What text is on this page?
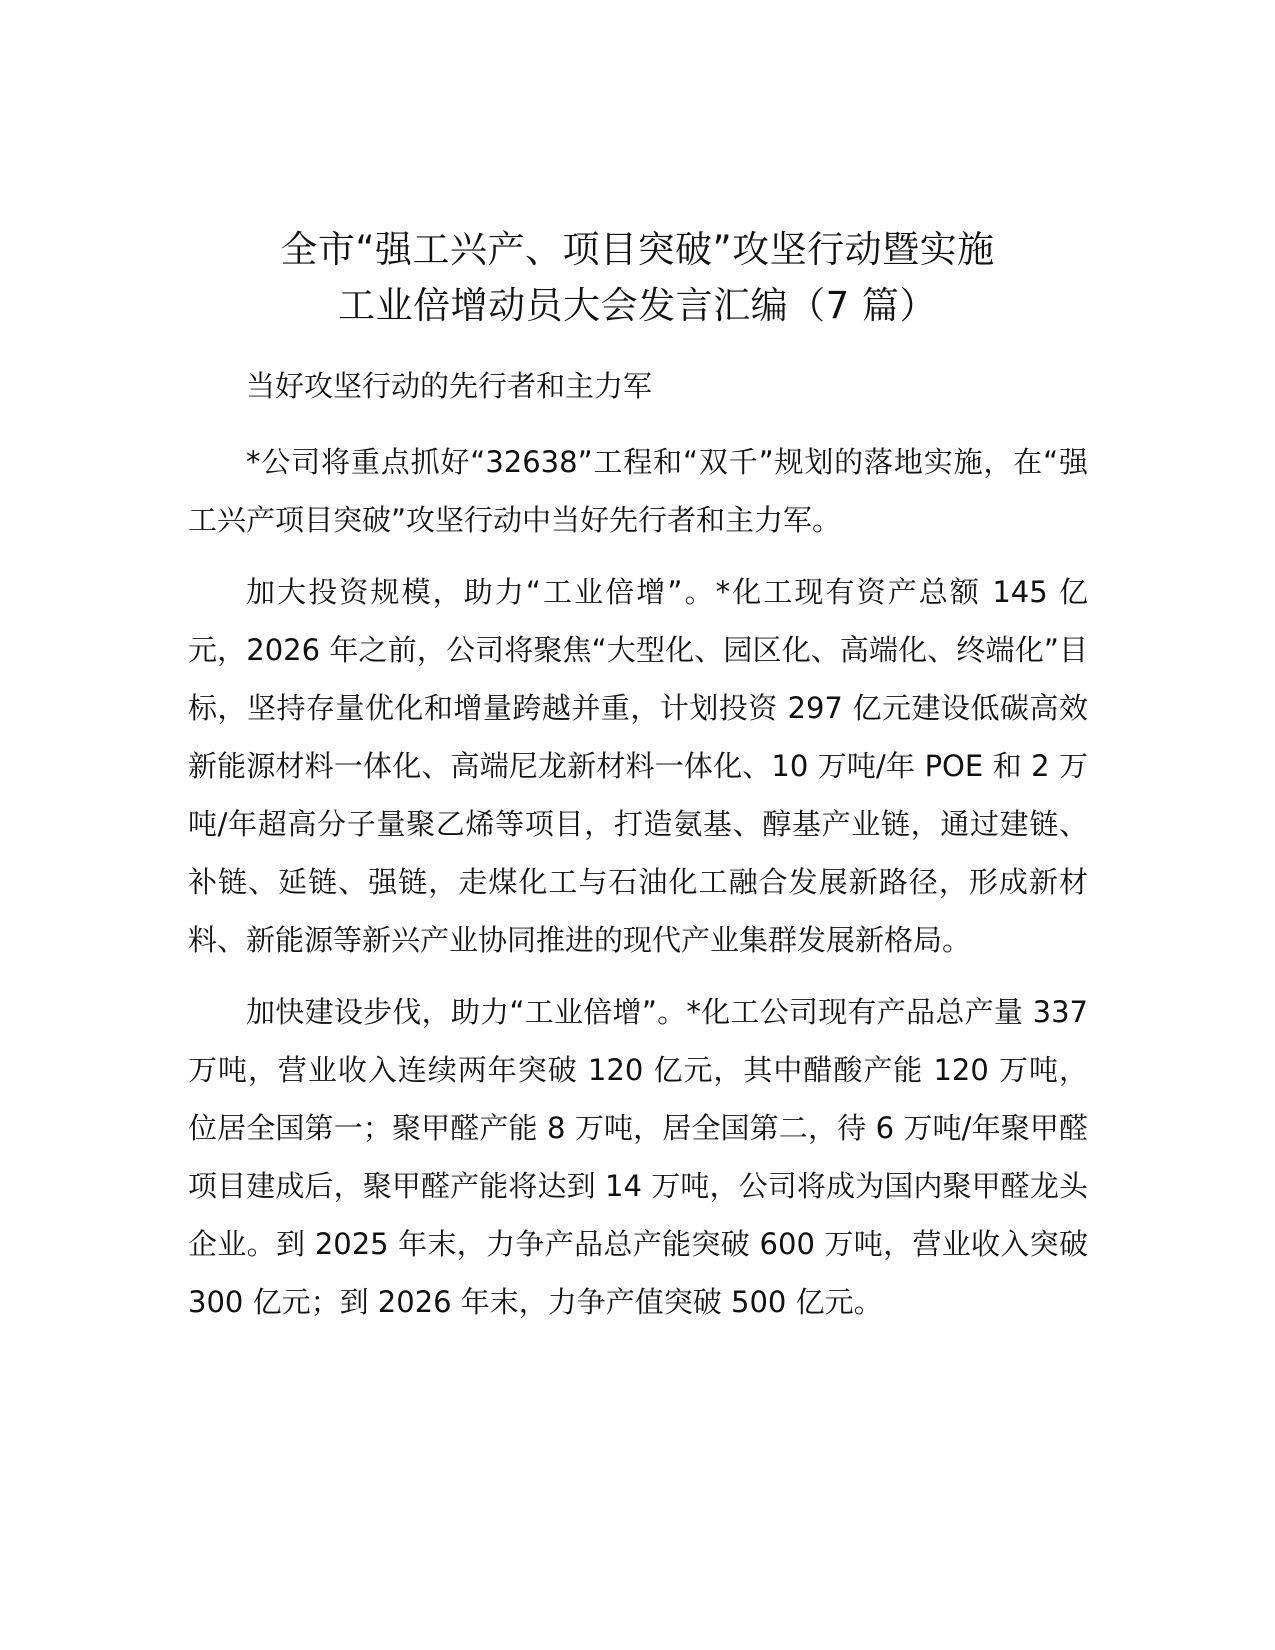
全市“强工兴产、项目突破”攻坚行动暨实施
工业倍增动员大会发言汇编（7 篇）

当好攻坚行动的先行者和主力军

*公司将重点抓好“32638”工程和“双千”规划的落地实施，在“强工兴产项目突破”攻坚行动中当好先行者和主力军。

加大投资规模，助力“工业倍增”。*化工现有资产总额 145 亿元，2026 年之前，公司将聚焦“大型化、园区化、高端化、终端化”目标，坚持存量优化和增量跨越并重，计划投资 297 亿元建设低碳高效新能源材料一体化、高端尼龙新材料一体化、10 万吨/年 POE 和 2 万吨/年超高分子量聚乙烯等项目，打造氨基、醇基产业链，通过建链、补链、延链、强链，走煤化工与石油化工融合发展新路径，形成新材料、新能源等新兴产业协同推进的现代产业集群发展新格局。

加快建设步伐，助力“工业倍增”。*化工公司现有产品总产量 337 万吨，营业收入连续两年突破 120 亿元，其中醋酸产能 120 万吨，位居全国第一；聚甲醛产能 8 万吨，居全国第二，待 6 万吨/年聚甲醛项目建成后，聚甲醛产能将达到 14 万吨，公司将成为国内聚甲醛龙头企业。到 2025 年末，力争产品总产能突破 600 万吨，营业收入突破 300 亿元；到 2026 年末，力争产值突破 500 亿元。
